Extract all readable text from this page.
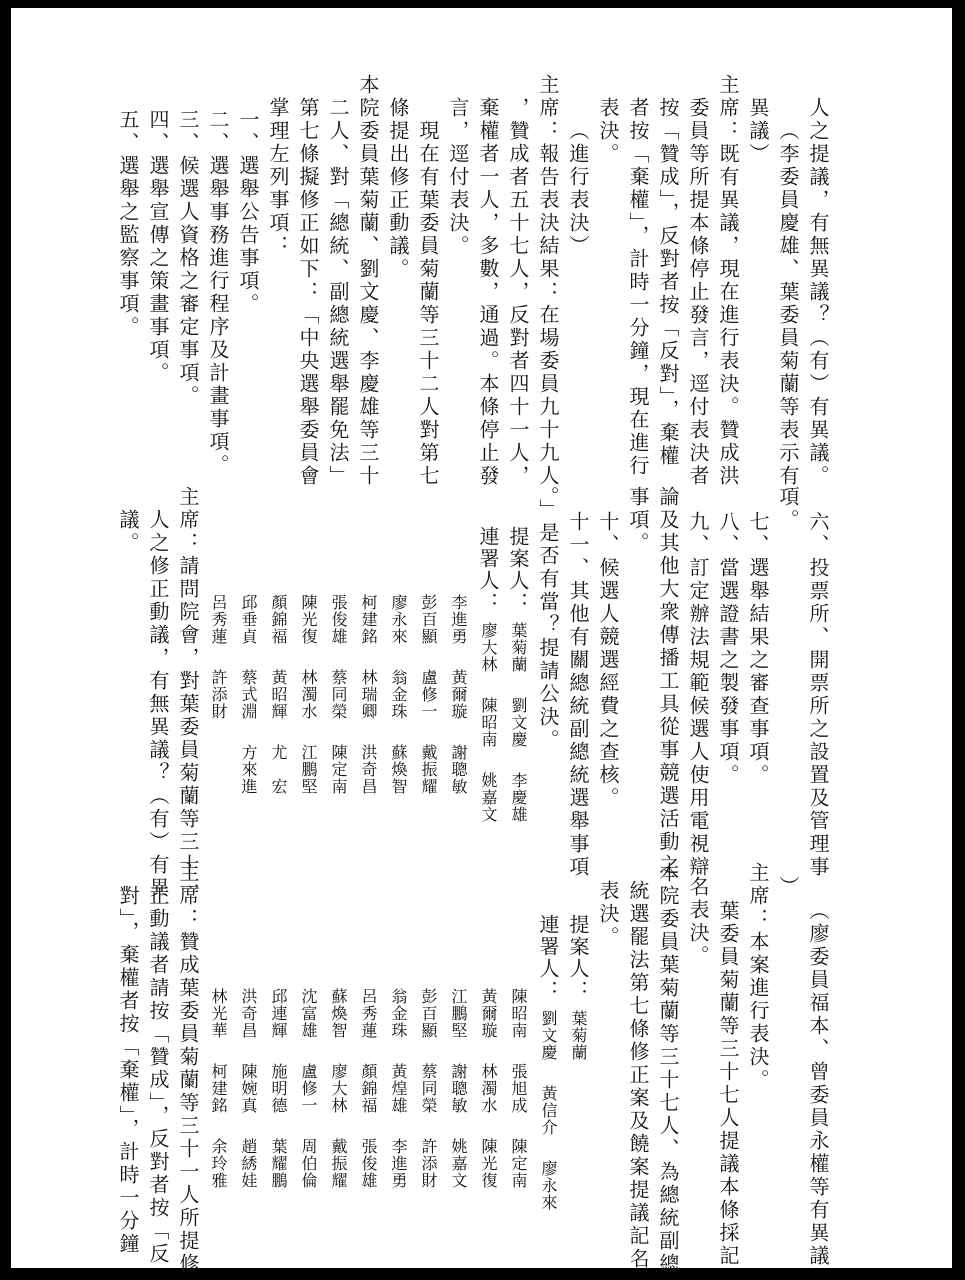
人之提議，有無異議？（有）有異議。
（李委員慶雄、葉委員菊蘭等表示有
異議）
主席：既有異議，現在進行表決。贊成洪
委員等所提本條停止發言，逕付表決者
按「贊成」，反對者按「反對」，棄權
者按「棄權」，計時一分鐘，現在進行
表決。
（進行表決）
主席：報告表決結果：在場委員九十九人
，贊成者五十七人，反對者四十一人，
棄權者一人，多數，通過。本條停止發
言，逕付表決。
現在有葉委員菊蘭等三十二人對第七
條提出修正動議。
本院委員葉菊蘭、劉文慶、李慶雄等三十
二人、對「總統、副總統選舉罷免法」
第七條擬修正如下：「中央選舉委員會
掌理左列事項：
一、選舉公告事項。
二、選舉事務進行程序及計畫事項。
三、候選人資格之審定事項。
四、選舉宣傳之策畫事項。
五、選舉之監察事項。
六、投票所、開票所之設置及管理事
項。
七、選舉結果之審查事項。
八、當選證書之製發事項。
九、訂定辦法規範候選人使用電視辯
論及其他大衆傳播工具從事競選活動之
事項。
十、候選人競選經費之查核。
十一、其他有關總統副總統選舉事項
。」是否有當？提請公決。
提案人：葉菊蘭劉文慶李慶雄
連署人：廖大林陳昭南姚嘉文
李進勇黃爾璇謝聰敏
彭百顯盧修一戴振耀
廖永來翁金珠蘇煥智
柯建銘林瑞卿洪奇昌
張俊雄蔡同榮陳定南
陳光復林濁水江鵬堅
顏錦福黃昭輝尤　宏
邱垂貞蔡式淵方來進
呂秀蓮許添財
主席：請問院會，對葉委員菊蘭等三十一
人之修正動議，有無異議？（有）有異
議。
（廖委員福本、曾委員永權等有異議
）
主席：本案進行表決。
葉委員菊蘭等三十七人提議本條採記
名表決。
本院委員葉菊蘭等三十七人、為總統副總
統選罷法第七條修正案及饒案提議記名
表決。
提案人：葉菊蘭
連署人：劉文慶黃信介廖永來
陳昭南張旭成陳定南
黃爾璇林濁水陳光復
江鵬堅謝聰敏姚嘉文
彭百顯蔡同榮許添財
翁金珠黃煌雄李進勇
呂秀蓮顏錦福張俊雄
蘇煥智廖大林戴振耀
沈富雄盧修一周伯倫
邱連輝施明德葉耀鵬
洪奇昌陳婉真趙綉娃
林光華柯建銘余玲雅
主席：贊成葉委員菊蘭等三十一人所提修
正動議者請按「贊成」，反對者按「反
對」，棄權者按「棄權」，計時一分鐘
